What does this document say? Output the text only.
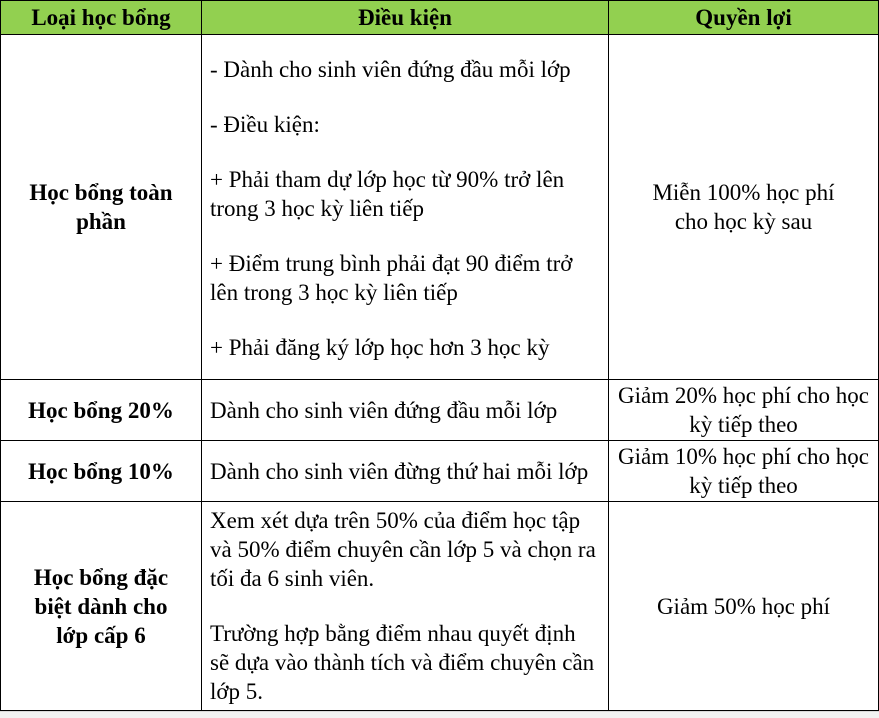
Loại học bổng	Điều kiện	Quyền lợi
Học bổng toàn phần	- Dành cho sinh viên đứng đầu mỗi lớp

- Điều kiện:

+ Phải tham dự lớp học từ 90% trở lên trong 3 học kỳ liên tiếp

+ Điểm trung bình phải đạt 90 điểm trở lên trong 3 học kỳ liên tiếp

+ Phải đăng ký lớp học hơn 3 học kỳ	Miễn 100% học phí cho học kỳ sau
Học bổng 20%	Dành cho sinh viên đứng đầu mỗi lớp	Giảm 20% học phí cho học kỳ tiếp theo
Học bổng 10%	Dành cho sinh viên đừng thứ hai mỗi lớp	Giảm 10% học phí cho học kỳ tiếp theo
Học bổng đặc biệt dành cho lớp cấp 6	Xem xét dựa trên 50% của điểm học tập và 50% điểm chuyên cần lớp 5 và chọn ra tối đa 6 sinh viên.

Trường hợp bằng điểm nhau quyết định sẽ dựa vào thành tích và điểm chuyên cần lớp 5.	Giảm 50% học phí
